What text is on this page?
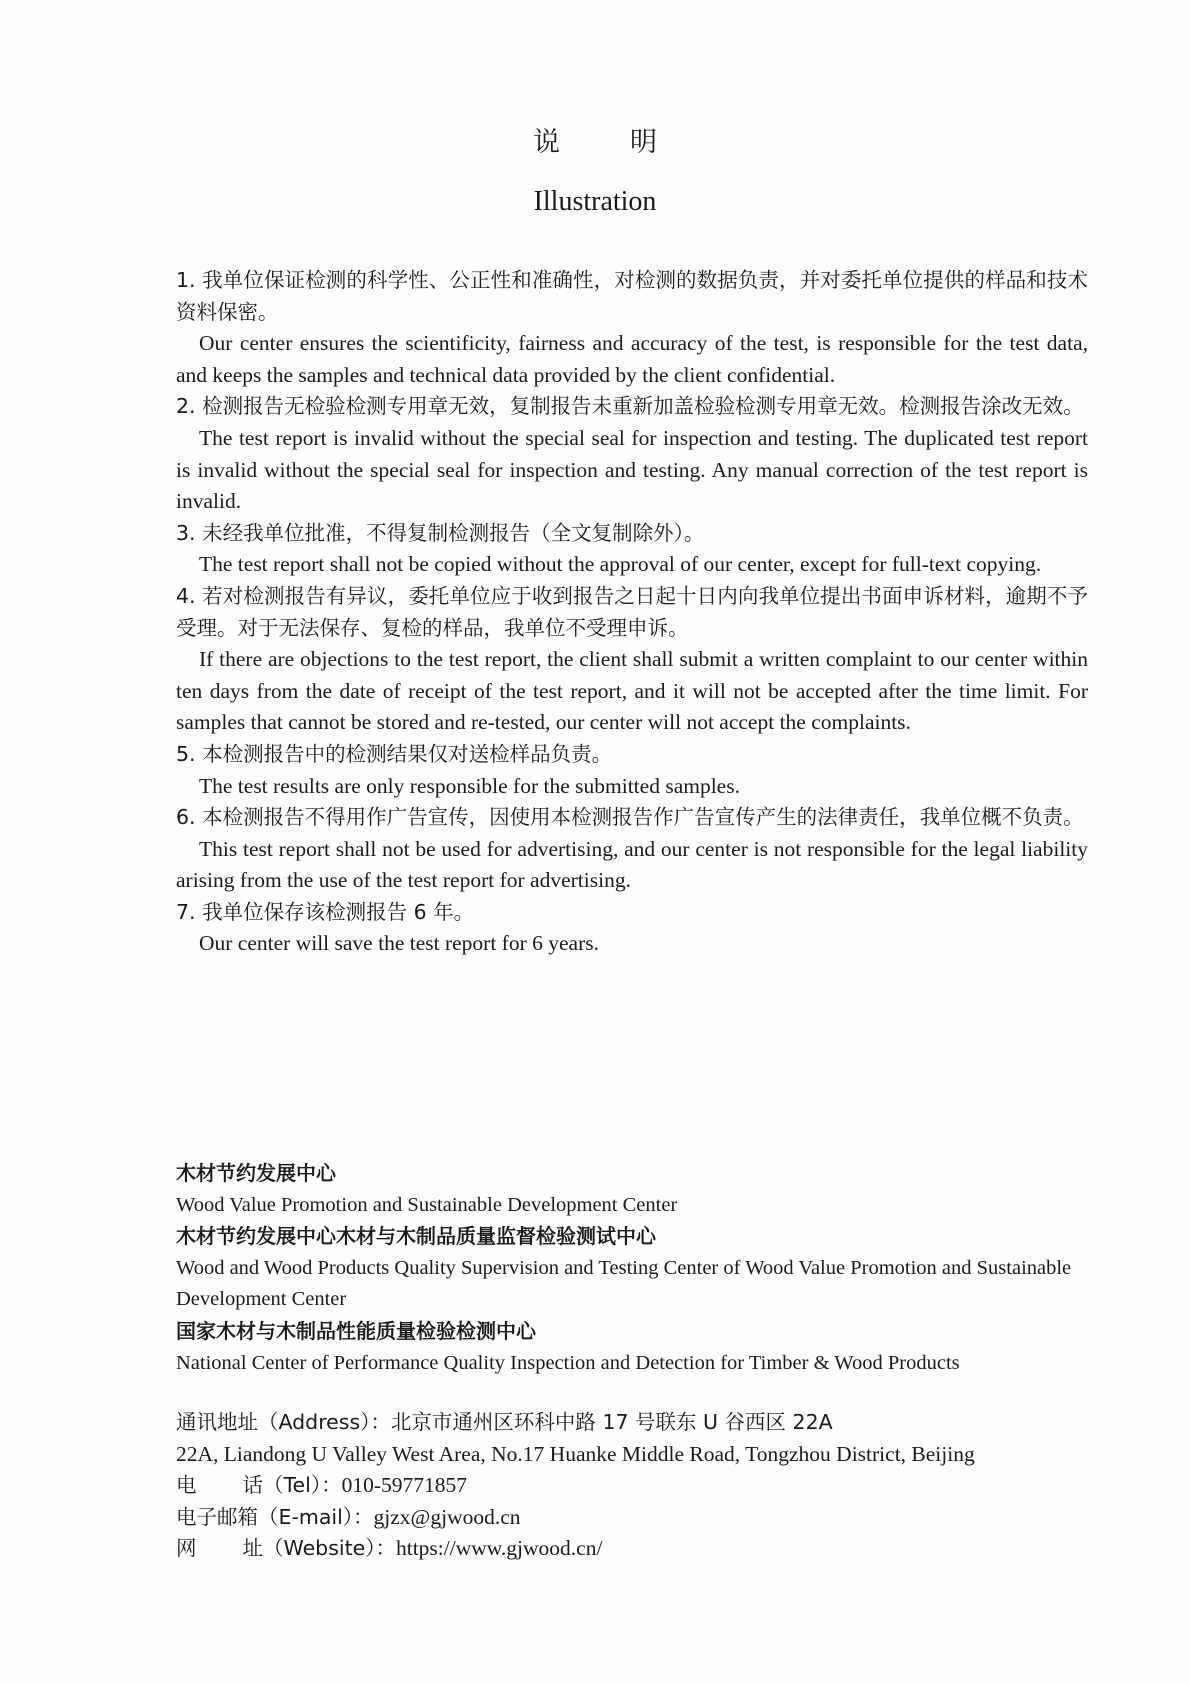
说明
Illustration

1. 我单位保证检测的科学性、公正性和准确性，对检测的数据负责，并对委托单位提供的样品和技术资料保密。

Our center ensures the scientificity, fairness and accuracy of the test, is responsible for the test data, and keeps the samples and technical data provided by the client confidential.

2. 检测报告无检验检测专用章无效，复制报告未重新加盖检验检测专用章无效。检测报告涂改无效。

The test report is invalid without the special seal for inspection and testing. The duplicated test report is invalid without the special seal for inspection and testing. Any manual correction of the test report is invalid.

3. 未经我单位批准，不得复制检测报告（全文复制除外）。

The test report shall not be copied without the approval of our center, except for full-text copying.

4. 若对检测报告有异议，委托单位应于收到报告之日起十日内向我单位提出书面申诉材料，逾期不予受理。对于无法保存、复检的样品，我单位不受理申诉。

If there are objections to the test report, the client shall submit a written complaint to our center within ten days from the date of receipt of the test report, and it will not be accepted after the time limit. For samples that cannot be stored and re-tested, our center will not accept the complaints.

5. 本检测报告中的检测结果仅对送检样品负责。

The test results are only responsible for the submitted samples.

6. 本检测报告不得用作广告宣传，因使用本检测报告作广告宣传产生的法律责任，我单位概不负责。

This test report shall not be used for advertising, and our center is not responsible for the legal liability arising from the use of the test report for advertising.

7. 我单位保存该检测报告 6 年。

Our center will save the test report for 6 years.

木材节约发展中心

Wood Value Promotion and Sustainable Development Center

木材节约发展中心木材与木制品质量监督检验测试中心

Wood and Wood Products Quality Supervision and Testing Center of Wood Value Promotion and Sustainable Development Center

国家木材与木制品性能质量检验检测中心

National Center of Performance Quality Inspection and Detection for Timber & Wood Products

通讯地址（Address）：北京市通州区环科中路 17 号联东 U 谷西区 22A

22A, Liandong U Valley West Area, No.17 Huanke Middle Road, Tongzhou District, Beijing

电话（Tel）：010-59771857

电子邮箱（E-mail）：gjzx@gjwood.cn

网址（Website）：https://www.gjwood.cn/
